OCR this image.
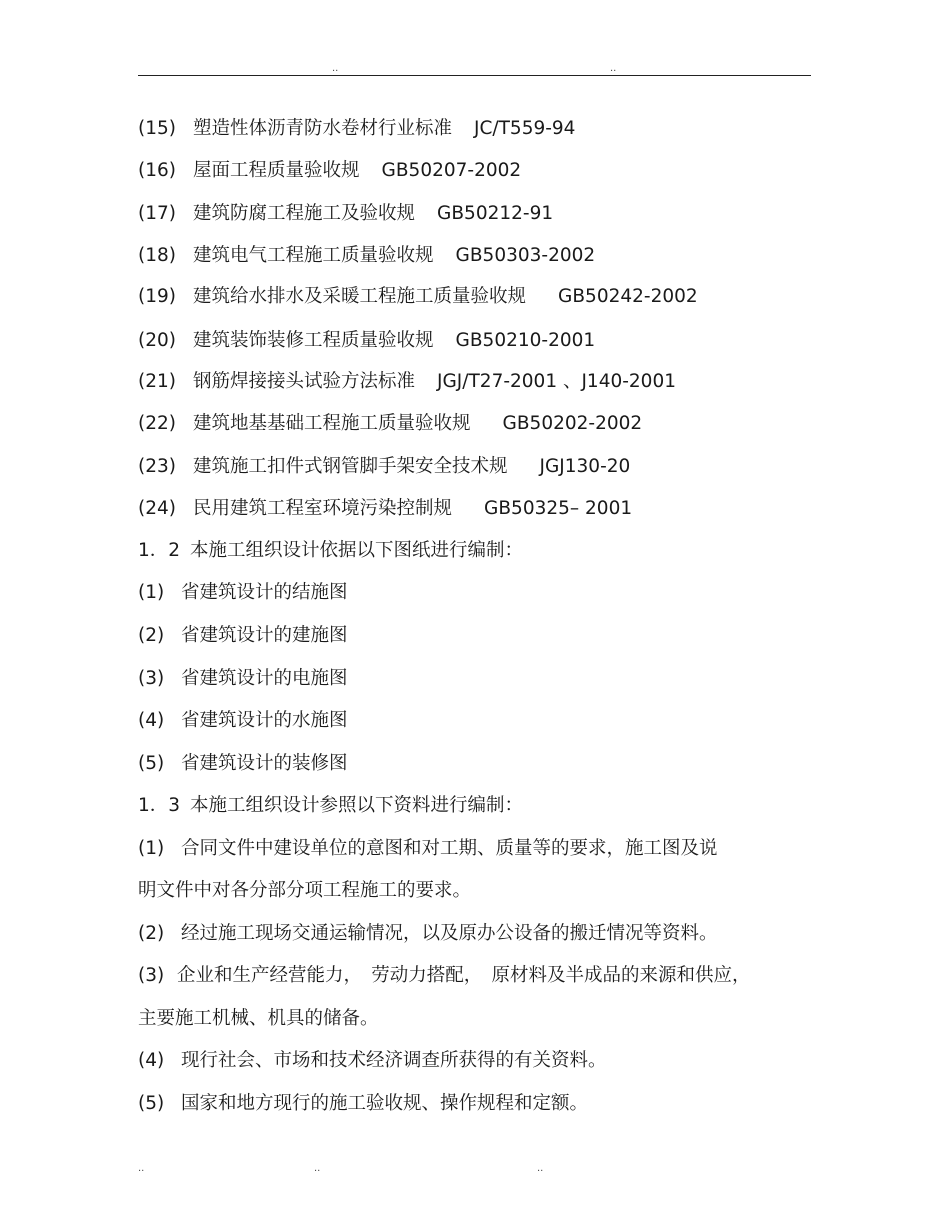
..	..
(15) 塑造性体沥青防水卷材行业标准 JC/T559-94
(16) 屋面工程质量验收规 GB50207-2002
(17) 建筑防腐工程施工及验收规 GB50212-91
(18) 建筑电气工程施工质量验收规 GB50303-2002
(19) 建筑给水排水及采暖工程施工质量验收规 GB50242-2002
(20) 建筑装饰装修工程质量验收规 GB50210-2001
(21) 钢筋焊接接头试验方法标准 JGJ/T27-2001 、J140-2001
(22) 建筑地基基础工程施工质量验收规 GB50202-2002
(23) 建筑施工扣件式钢管脚手架安全技术规 JGJ130-20
(24) 民用建筑工程室环境污染控制规 GB50325– 2001
1．2 本施工组织设计依据以下图纸进行编制：
(1) 省建筑设计的结施图
(2) 省建筑设计的建施图
(3) 省建筑设计的电施图
(4) 省建筑设计的水施图
(5) 省建筑设计的装修图
1．3 本施工组织设计参照以下资料进行编制：
(1) 合同文件中建设单位的意图和对工期、质量等的要求，施工图及说
明文件中对各分部分项工程施工的要求。
(2) 经过施工现场交通运输情况，以及原办公设备的搬迁情况等资料。
(3) 企业和生产经营能力，　劳动力搭配，　原材料及半成品的来源和供应，
主要施工机械、机具的储备。
(4) 现行社会、市场和技术经济调查所获得的有关资料。
(5) 国家和地方现行的施工验收规、操作规程和定额。
..	..	..
